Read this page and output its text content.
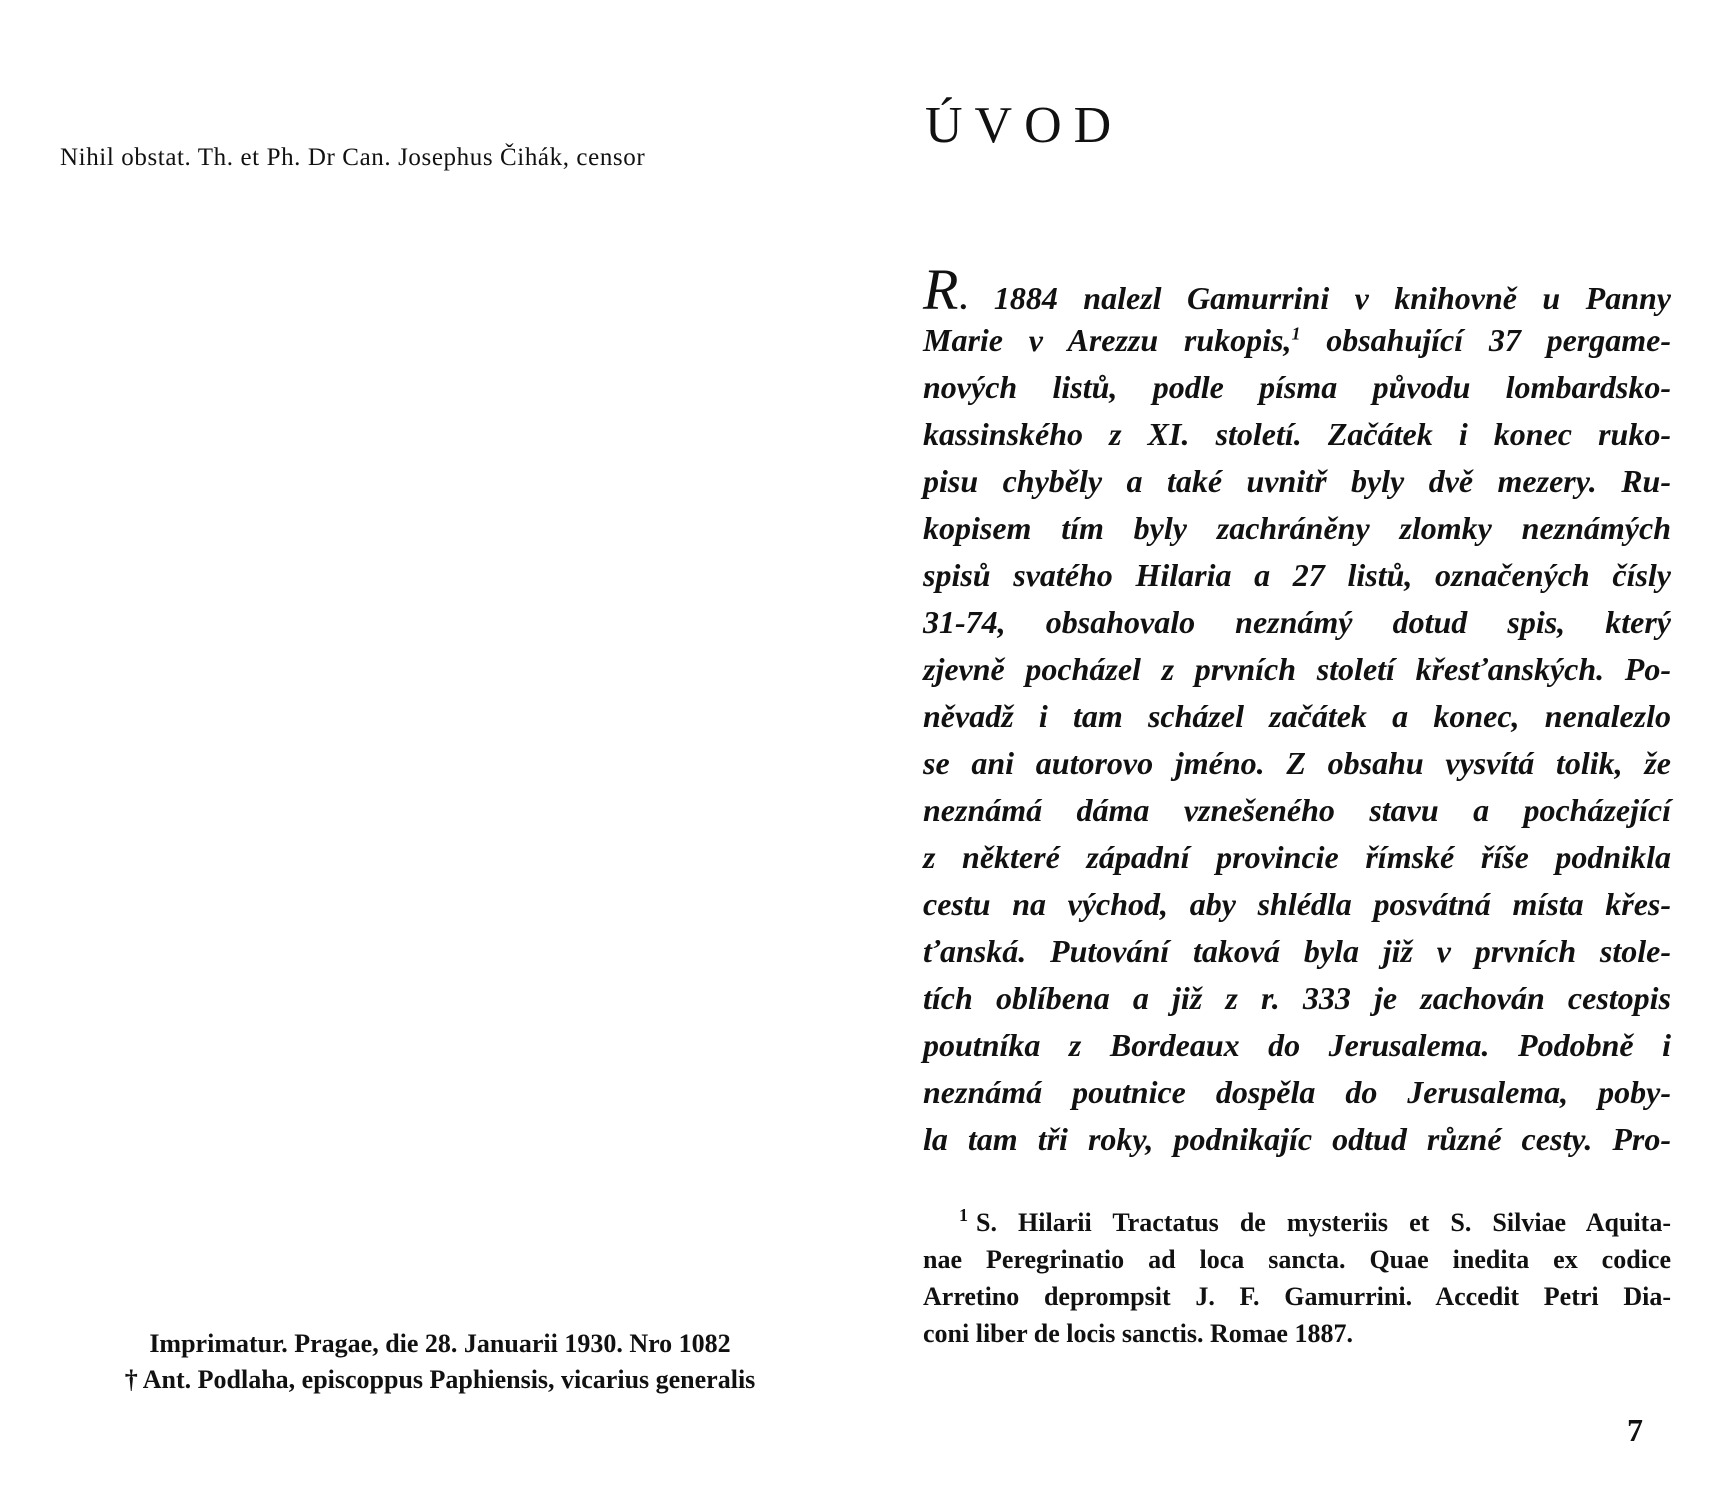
Nihil obstat. Th. et Ph. Dr Can. Josephus Čihák, censor
Imprimatur. Pragae, die 28. Januarii 1930. Nro 1082
† Ant. Podlaha, episcoppus Paphiensis, vicarius generalis
ÚVOD
R. 1884 nalezl Gamurrini v knihovně u Panny
Marie v Arezzu rukopis,$^1$ obsahující 37 pergame-
nových listů, podle písma původu lombardsko-
kassinského z XI. století. Začátek i konec ruko-
pisu chyběly a také uvnitř byly dvě mezery. Ru-
kopisem tím byly zachráněny zlomky neznámých
spisů svatého Hilaria a 27 listů, označených čísly
31-74, obsahovalo neznámý dotud spis, který
zjevně pocházel z prvních století křesťanských. Po-
něvadž i tam scházel začátek a konec, nenalezlo
se ani autorovo jméno. Z obsahu vysvítá tolik, že
neznámá dáma vznešeného stavu a pocházející
z některé západní provincie římské říše podnikla
cestu na východ, aby shlédla posvátná místa křes-
ťanská. Putování taková byla již v prvních stole-
tích oblíbena a již z r. 333 je zachován cestopis
poutníka z Bordeaux do Jerusalema. Podobně i
neznámá poutnice dospěla do Jerusalema, poby-
la tam tři roky, podnikajíc odtud různé cesty. Pro-
$^1$ S. Hilarii Tractatus de mysteriis et S. Silviae Aquita-
nae Peregrinatio ad loca sancta. Quae inedita ex codice
Arretino deprompsit J. F. Gamurrini. Accedit Petri Dia-
coni liber de locis sanctis. Romae 1887.
7
